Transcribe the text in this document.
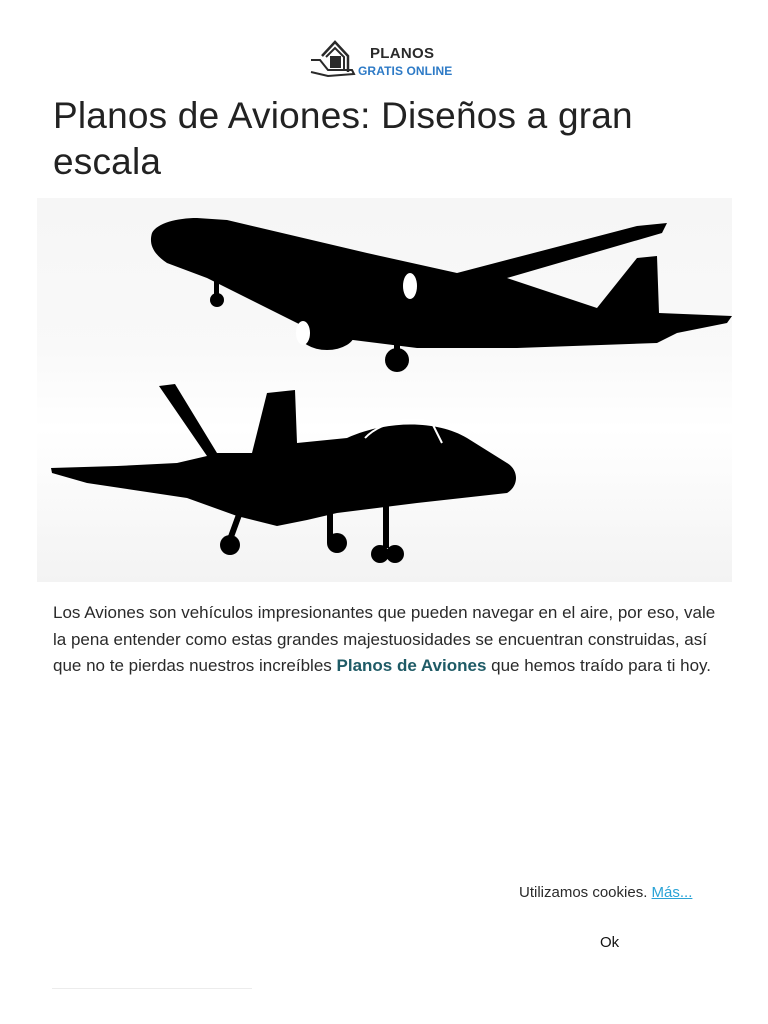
PLANOS
GRATIS ONLINE
Planos de Aviones: Diseños a gran escala

Los Aviones son vehículos impresionantes que pueden navegar en el aire, por eso, vale la pena entender como estas grandes majestuosidades se encuentran construidas, así que no te pierdas nuestros increíbles Planos de Aviones que hemos traído para ti hoy.

Utilizamos cookies. Más...
Ok
